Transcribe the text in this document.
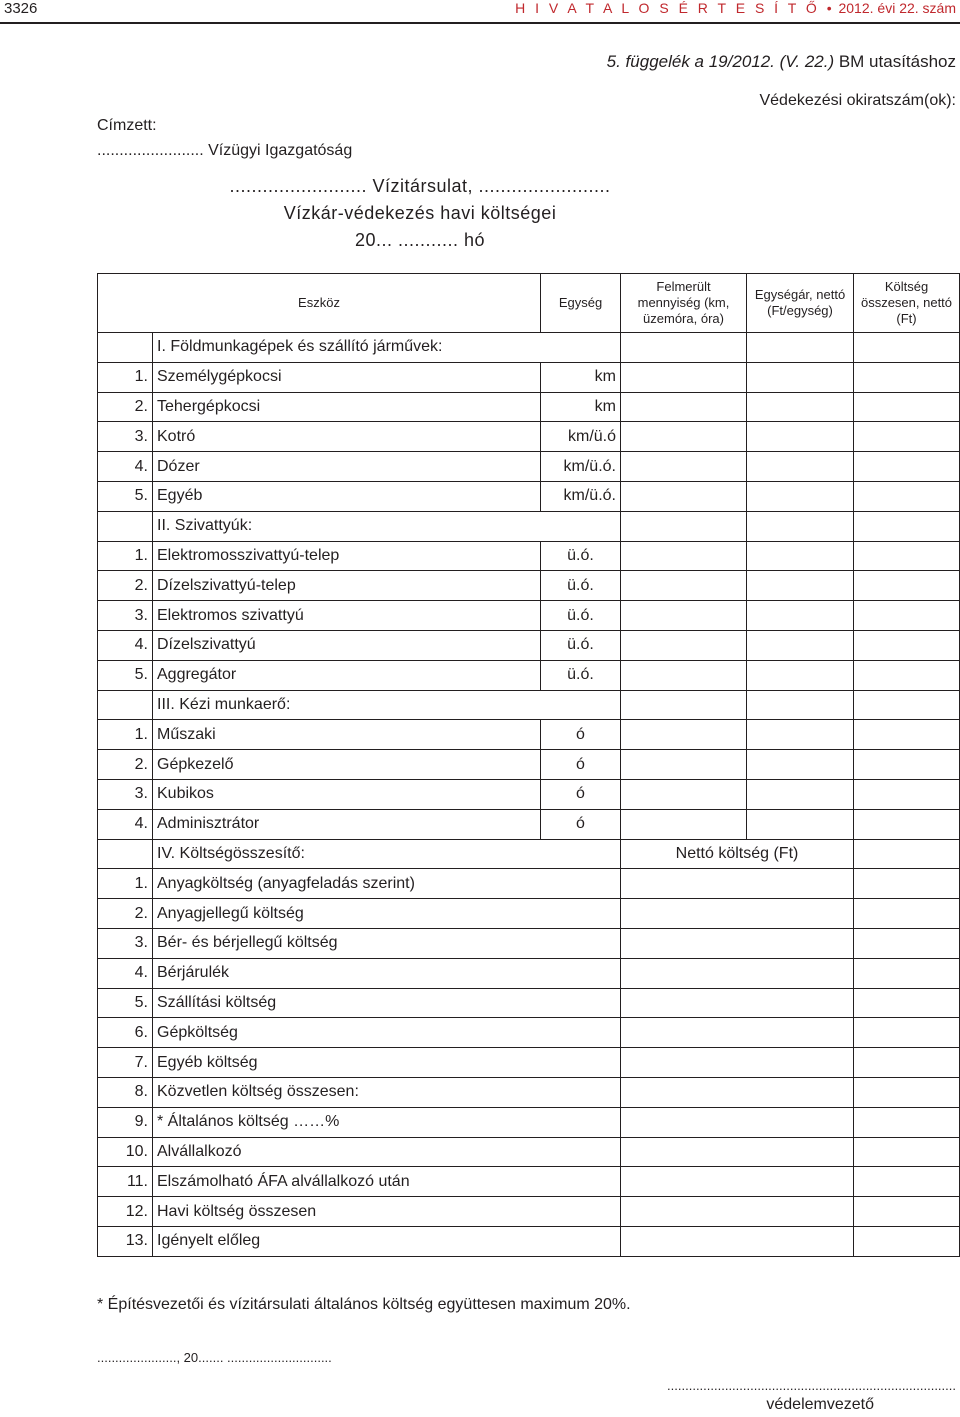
3326	H I V A T A L O S É R T E S Í T Ő • 2012. évi 22. szám
5. függelék a 19/2012. (V. 22.) BM utasításhoz
Védekezési okiratszám(ok):
Címzett:
........................ Vízügyi Igazgatóság
......................... Vízitársulat, ........................
Vízkár-védekezés havi költségei
20... ........... hó
Eszköz		Egység	Felmerült mennyiség (km, üzemóra, óra)	Egységár, nettó (Ft/egység)	Költség összesen, nettó (Ft)
	I. Földmunkagépek és szállító járművek:				
1.	Személygépkocsi	km			
2.	Tehergépkocsi	km			
3.	Kotró	km/ü.ó			
4.	Dózer	km/ü.ó.			
5.	Egyéb	km/ü.ó.			
	II. Szivattyúk:				
1.	Elektromosszivattyú-telep	ü.ó.			
2.	Dízelszivattyú-telep	ü.ó.			
3.	Elektromos szivattyú	ü.ó.			
4.	Dízelszivattyú	ü.ó.			
5.	Aggregátor	ü.ó.			
	III. Kézi munkaerő:				
1.	Műszaki	ó			
2.	Gépkezelő	ó			
3.	Kubikos	ó			
4.	Adminisztrátor	ó			
	IV. Költségösszesítő:		Nettó költség (Ft)		
1.	Anyagköltség (anyagfeladás szerint)				
2.	Anyagjellegű költség				
3.	Bér- és bérjellegű költség				
4.	Bérjárulék				
5.	Szállítási költség				
6.	Gépköltség				
7.	Egyéb költség				
8.	Közvetlen költség összesen:				
9.	* Általános költség ……%				
10.	Alvállalkozó				
11.	Elszámolható ÁFA alvállalkozó után				
12.	Havi költség összesen				
13.	Igényelt előleg				
* Építésvezetői és vízitársulati általános költség együttesen maximum 20%.
......................, 20....... .............................
................................................................................
védelemvezető
